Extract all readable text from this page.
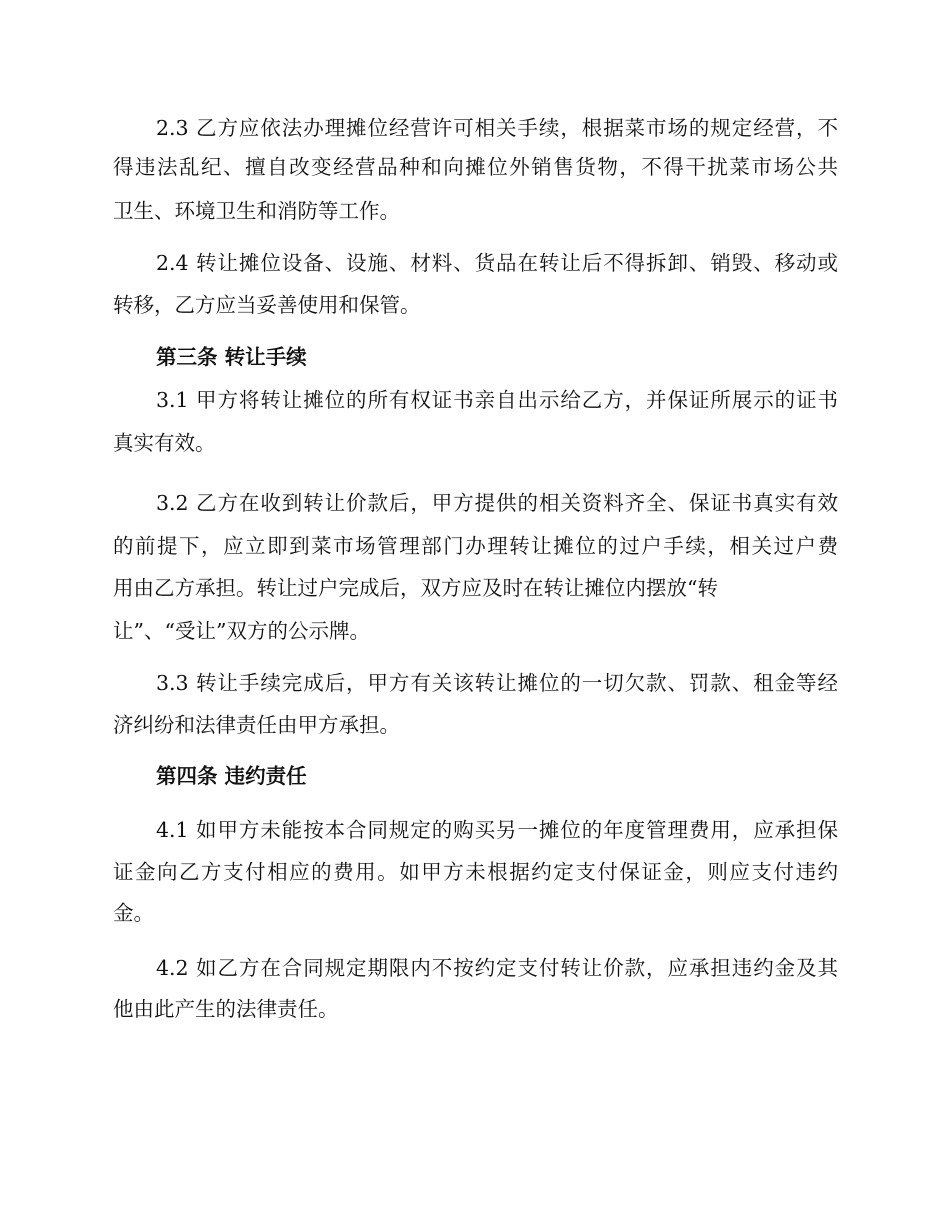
2.3 乙方应依法办理摊位经营许可相关手续，根据菜市场的规定经营，不

得违法乱纪、擅自改变经营品种和向摊位外销售货物，不得干扰菜市场公共

卫生、环境卫生和消防等工作。

2.4 转让摊位设备、设施、材料、货品在转让后不得拆卸、销毁、移动或

转移，乙方应当妥善使用和保管。

第三条 转让手续

3.1 甲方将转让摊位的所有权证书亲自出示给乙方，并保证所展示的证书

真实有效。

3.2 乙方在收到转让价款后，甲方提供的相关资料齐全、保证书真实有效

的前提下，应立即到菜市场管理部门办理转让摊位的过户手续，相关过户费

用由乙方承担。转让过户完成后，双方应及时在转让摊位内摆放“转

让”、“受让”双方的公示牌。

3.3 转让手续完成后，甲方有关该转让摊位的一切欠款、罚款、租金等经

济纠纷和法律责任由甲方承担。

第四条 违约责任

4.1 如甲方未能按本合同规定的购买另一摊位的年度管理费用，应承担保

证金向乙方支付相应的费用。如甲方未根据约定支付保证金，则应支付违约

金。

4.2 如乙方在合同规定期限内不按约定支付转让价款，应承担违约金及其

他由此产生的法律责任。
